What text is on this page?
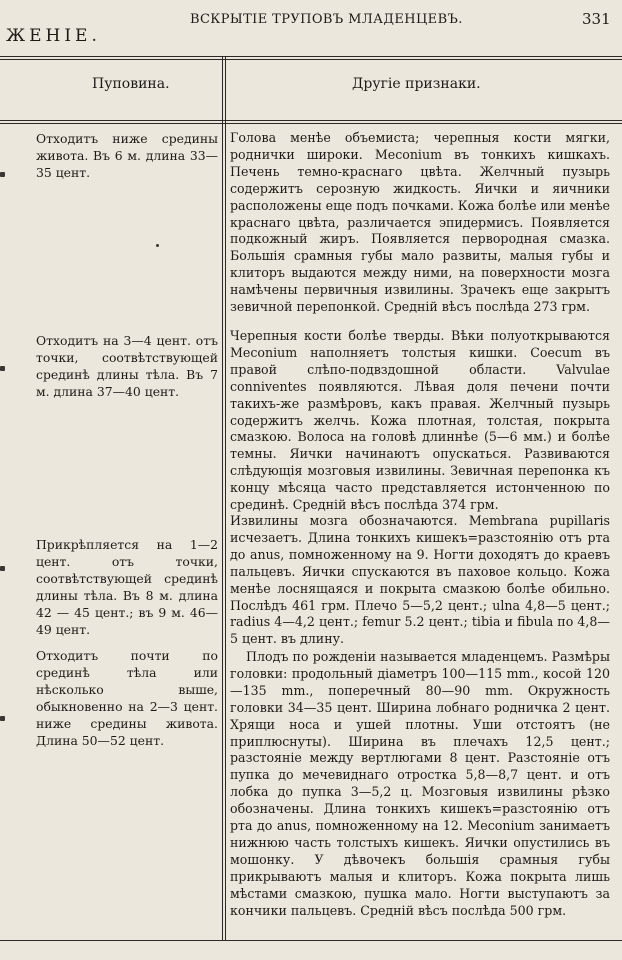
ЖЕНІЕ.
ВСКРЫТІЕ ТРУПОВЪ МЛАДЕНЦЕВЪ.	331
Пуповина.	Другіе признаки.

Отходитъ ниже средины живота. Въ 6 м. длина 33—35 цент.

Голова менѣе объемиста; черепныя кости мягки, роднички широки. Meconium въ тонкихъ кишкахъ. Печень темно-краснаго цвѣта. Желчный пузырь содержитъ серозную жидкость. Яички и яичники расположены еще подъ почками. Кожа болѣе или менѣе краснаго цвѣта, различается эпидермисъ. Появляется подкожный жиръ. Появляется первородная смазка. Большія срамныя губы мало развиты, малыя губы и клиторъ выдаются между ними, на поверхности мозга намѣчены первичныя извилины. Зрачекъ еще закрытъ зевичной перепонкой. Средній вѣсъ послѣда 273 грм.

Отходитъ на 3—4 цент. отъ точки, соотвѣтствующей срединѣ длины тѣла. Въ 7 м. длина 37—40 цент.

Черепныя кости болѣе тверды. Вѣки полуоткрываются Meconium наполняетъ толстыя кишки. Coecum въ правой слѣпо-подвздошной области. Valvulae conniventes появляются. Лѣвая доля печени почти такихъ-же размѣровъ, какъ правая. Желчный пузырь содержитъ желчь. Кожа плотная, толстая, покрыта смазкою. Волоса на головѣ длиннѣе (5—6 мм.) и болѣе темны. Яички начинаютъ опускаться. Развиваются слѣдующія мозговыя извилины. Зевичная перепонка къ концу мѣсяца часто представляется истонченною по срединѣ. Средній вѣсъ послѣда 374 грм.

Прикрѣпляется на 1—2 цент. отъ точки, соотвѣтствующей срединѣ длины тѣла. Въ 8 м. длина 42 — 45 цент.; въ 9 м. 46—49 цент.

Извилины мозга обозначаются. Membrana pupillaris исчезаетъ. Длина тонкихъ кишекъ=разстоянію отъ рта до anus, помноженному на 9. Ногти доходятъ до краевъ пальцевъ. Яички спускаются въ паховое кольцо. Кожа менѣе лоснящаяся и покрыта смазкою болѣе обильно. Послѣдъ 461 грм. Плечо 5—5,2 цент.; ulna 4,8—5 цент.; radius 4—4,2 цент.; femur 5.2 цент.; tibia и fibula по 4,8—5 цент. въ длину.

Отходитъ почти по срединѣ тѣла или нѣсколько выше, обыкновенно на 2—3 цент. ниже средины живота. Длина 50—52 цент.

Плодъ по рожденіи называется младенцемъ. Размѣры головки: продольный діаметръ 100—115 mm., косой 120—135 mm., поперечный 80—90 mm. Окружность головки 34—35 цент. Ширина лобнаго родничка 2 цент. Хрящи носа и ушей плотны. Уши отстоятъ (не приплюснуты). Ширина въ плечахъ 12,5 цент.; разстояніе между вертлюгами 8 цент. Разстояніе отъ пупка до мечевиднаго отростка 5,8—8,7 цент. и отъ лобка до пупка 3—5,2 ц. Мозговыя извилины рѣзко обозначены. Длина тонкихъ кишекъ=разстоянію отъ рта до anus, помноженному на 12. Meconium занимаетъ нижнюю часть толстыхъ кишекъ. Яички опустились въ мошонку. У дѣвочекъ большія срамныя губы прикрываютъ малыя и клиторъ. Кожа покрыта лишь мѣстами смазкою, пушка мало. Ногти выступаютъ за кончики пальцевъ. Средній вѣсъ послѣда 500 грм.
